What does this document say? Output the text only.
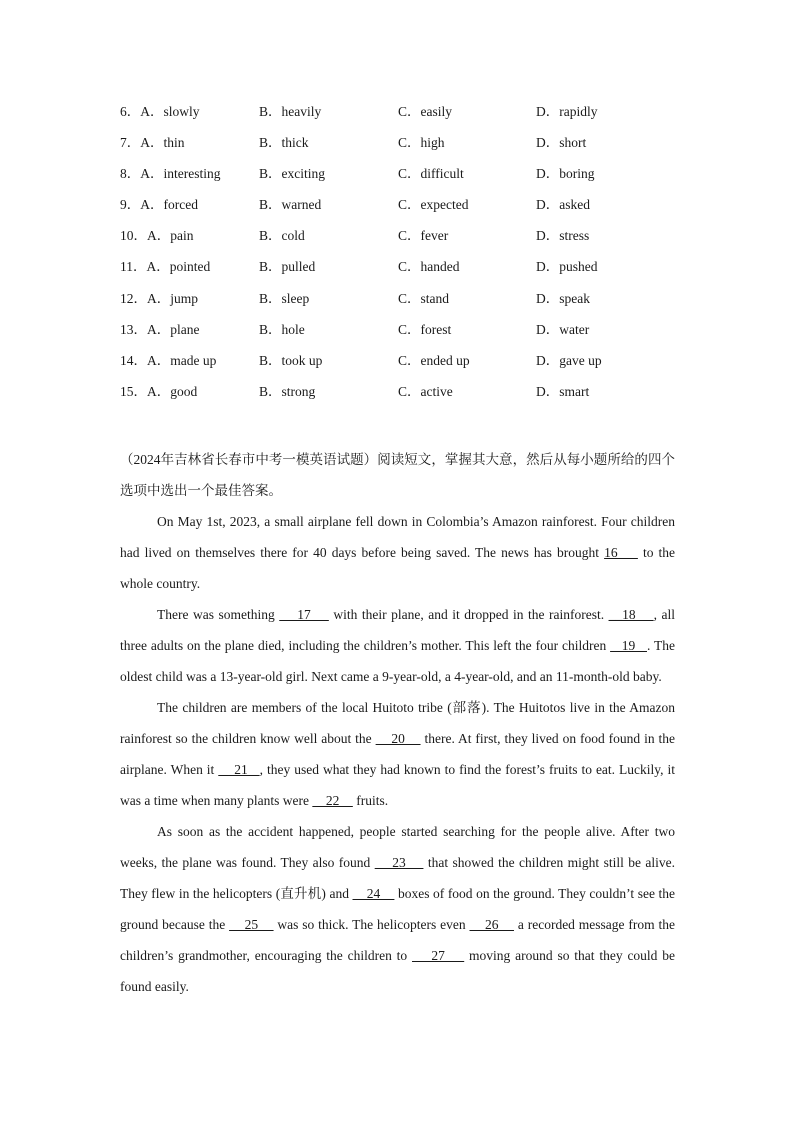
6．A．slowly	B．heavily	C．easily	D．rapidly
7．A．thin	B．thick	C．high	D．short
8．A．interesting	B．exciting	C．difficult	D．boring
9．A．forced	B．warned	C．expected	D．asked
10．A．pain	B．cold	C．fever	D．stress
11．A．pointed	B．pulled	C．handed	D．pushed
12．A．jump	B．sleep	C．stand	D．speak
13．A．plane	B．hole	C．forest	D．water
14．A．made up	B．took up	C．ended up	D．gave up
15．A．good	B．strong	C．active	D．smart

（2024年吉林省长春市中考一模英语试题）阅读短文，掌握其大意，然后从每小题所给的四个选项中选出一个最佳答案。

On May 1st, 2023, a small airplane fell down in Colombia’s Amazon rainforest. Four children had lived on themselves there for 40 days before being saved. The news has brought 16     to the whole country.

There was something     17     with their plane, and it dropped in the rainforest. __18    , all three adults on the plane died, including the children’s mother. This left the four children    19   . The oldest child was a 13-year-old girl. Next came a 9-year-old, a 4-year-old, and an 11-month-old baby.

The children are members of the local Huitoto tribe (部落). The Huitotos live in the Amazon rainforest so the children know well about the     20     there. At first, they lived on food found in the airplane. When it     21   , they used what they had known to find the forest’s fruits to eat. Luckily, it was a time when many plants were     22     fruits.

As soon as the accident happened, people started searching for the people alive. After two weeks, the plane was found. They also found     23     that showed the children might still be alive. They flew in the helicopters (直升机) and     24     boxes of food on the ground. They couldn’t see the ground because the     25     was so thick. The helicopters even     26     a recorded message from the children’s grandmother, encouraging the children to     27     moving around so that they could be found easily.
